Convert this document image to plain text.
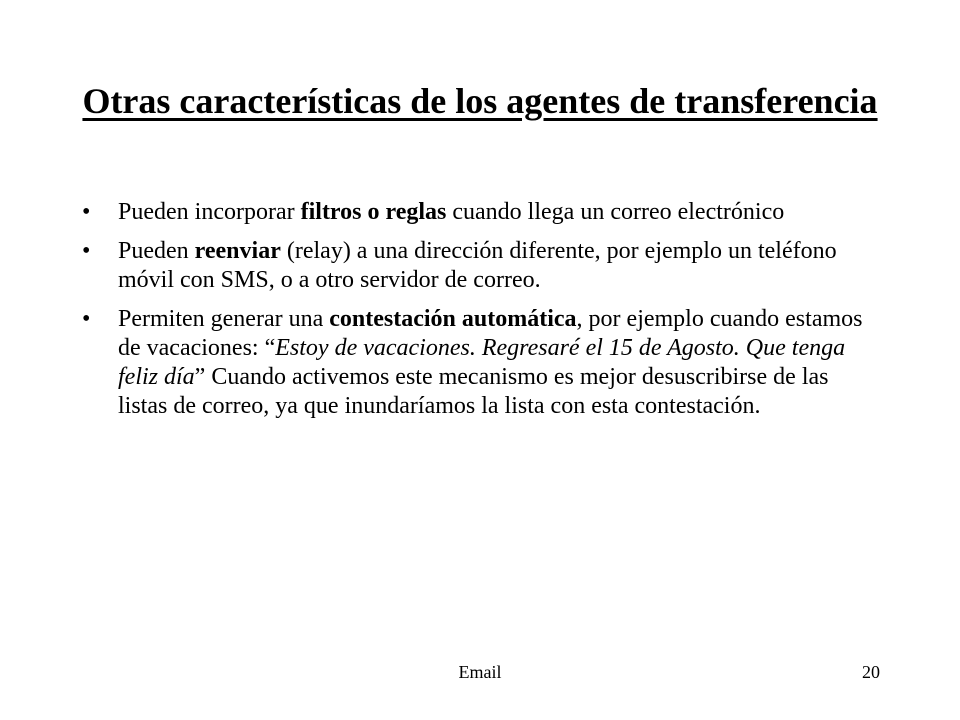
Otras características de los agentes de transferencia
•	Pueden incorporar filtros o reglas cuando llega un correo electrónico
•	Pueden reenviar (relay) a una dirección diferente, por ejemplo un teléfono móvil con SMS, o a otro servidor de correo.
•	Permiten generar una contestación automática, por ejemplo cuando estamos de vacaciones: “Estoy de vacaciones. Regresaré el 15 de Agosto. Que tenga feliz día” Cuando activemos este mecanismo es mejor desuscribirse de las listas de correo, ya que inundaríamos la lista con esta contestación.
Email	20
